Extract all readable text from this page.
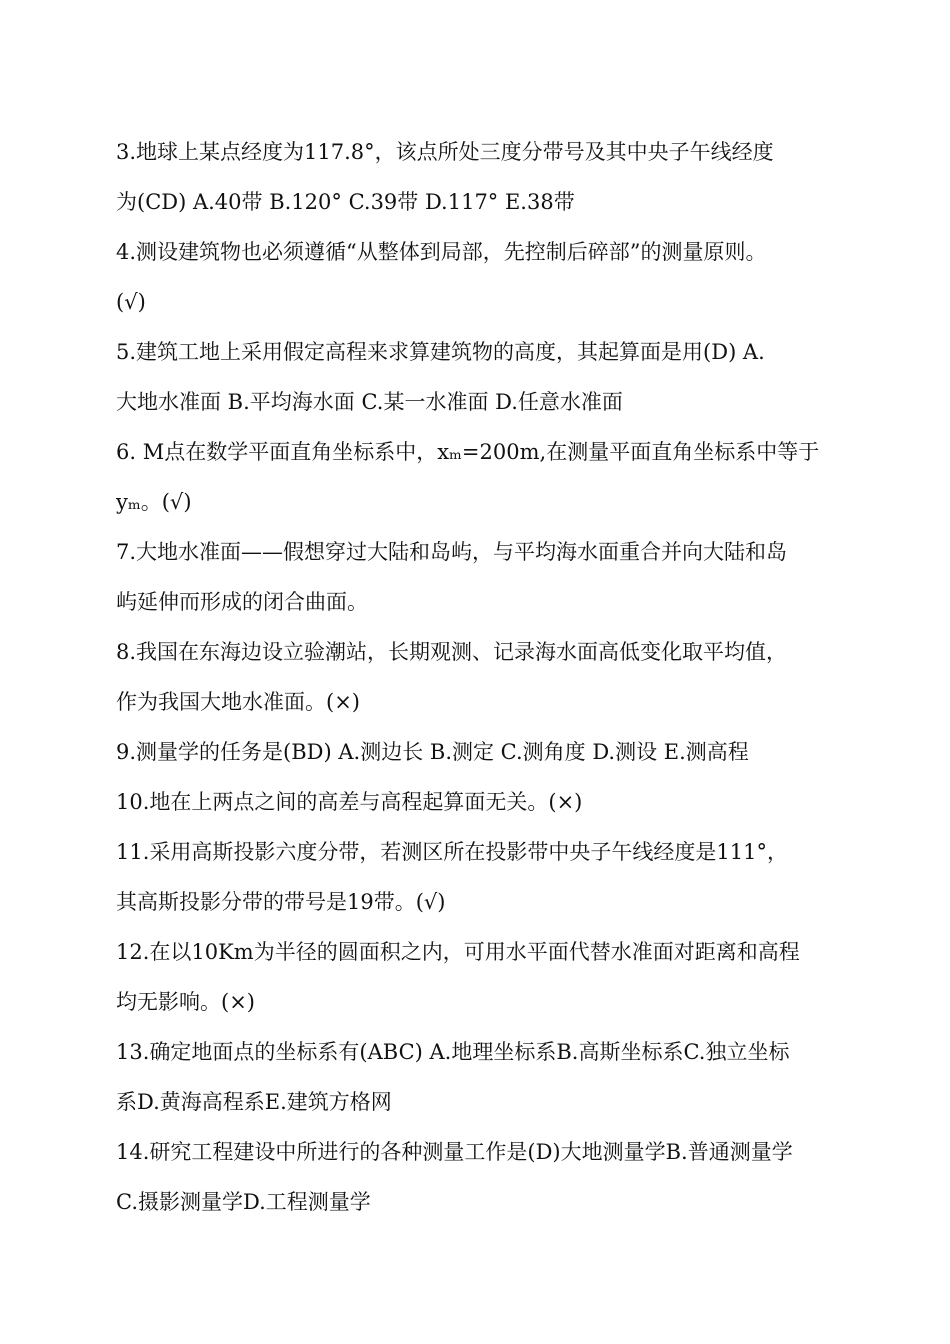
3.地球上某点经度为117.8°，该点所处三度分带号及其中央子午线经度
为(CD) A.40带 B.120° C.39带 D.117° E.38带
4.测设建筑物也必须遵循“从整体到局部，先控制后碎部”的测量原则。
(√)
5.建筑工地上采用假定高程来求算建筑物的高度，其起算面是用(D) A.
大地水准面 B.平均海水面 C.某一水准面 D.任意水准面
6. M点在数学平面直角坐标系中，xₘ=200m,在测量平面直角坐标系中等于
yₘ。(√)
7.大地水准面——假想穿过大陆和岛屿，与平均海水面重合并向大陆和岛
屿延伸而形成的闭合曲面。
8.我国在东海边设立验潮站，长期观测、记录海水面高低变化取平均值，
作为我国大地水准面。(×)
9.测量学的任务是(BD) A.测边长 B.测定 C.测角度 D.测设 E.测高程
10.地在上两点之间的高差与高程起算面无关。(×)
11.采用高斯投影六度分带，若测区所在投影带中央子午线经度是111°，
其高斯投影分带的带号是19带。(√)
12.在以10Km为半径的圆面积之内，可用水平面代替水准面对距离和高程
均无影响。(×)
13.确定地面点的坐标系有(ABC) A.地理坐标系B.高斯坐标系C.独立坐标
系D.黄海高程系E.建筑方格网
14.研究工程建设中所进行的各种测量工作是(D)大地测量学B.普通测量学
C.摄影测量学D.工程测量学
